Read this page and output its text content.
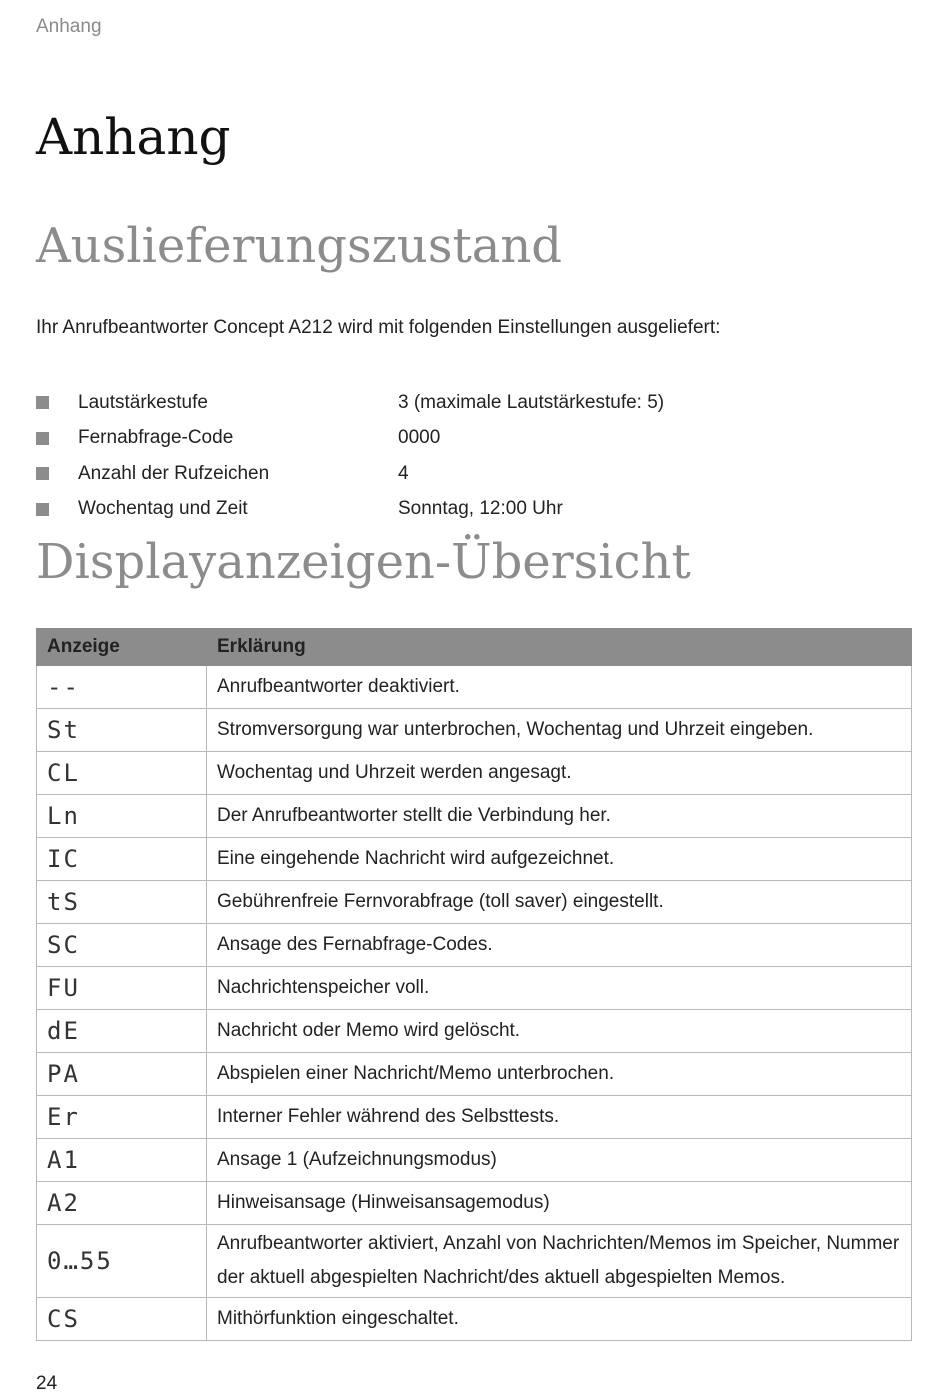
Anhang
Anhang
Auslieferungszustand
Ihr Anrufbeantworter Concept A212 wird mit folgenden Einstellungen ausgeliefert:
Lautstärkestufe	3 (maximale Lautstärkestufe: 5)
Fernabfrage-Code	0000
Anzahl der Rufzeichen	4
Wochentag und Zeit	Sonntag, 12:00 Uhr
Displayanzeigen-Übersicht
Anzeige	Erklärung
--	Anrufbeantworter deaktiviert.
St	Stromversorgung war unterbrochen, Wochentag und Uhrzeit eingeben.
CL	Wochentag und Uhrzeit werden angesagt.
Ln	Der Anrufbeantworter stellt die Verbindung her.
IC	Eine eingehende Nachricht wird aufgezeichnet.
tS	Gebührenfreie Fernvorabfrage (toll saver) eingestellt.
SC	Ansage des Fernabfrage-Codes.
FU	Nachrichtenspeicher voll.
dE	Nachricht oder Memo wird gelöscht.
PA	Abspielen einer Nachricht/Memo unterbrochen.
Er	Interner Fehler während des Selbsttests.
A1	Ansage 1 (Aufzeichnungsmodus)
A2	Hinweisansage (Hinweisansagemodus)
0…55	Anrufbeantworter aktiviert, Anzahl von Nachrichten/Memos im Speicher, Nummer der aktuell abgespielten Nachricht/des aktuell abgespielten Memos.
CS	Mithörfunktion eingeschaltet.
24
